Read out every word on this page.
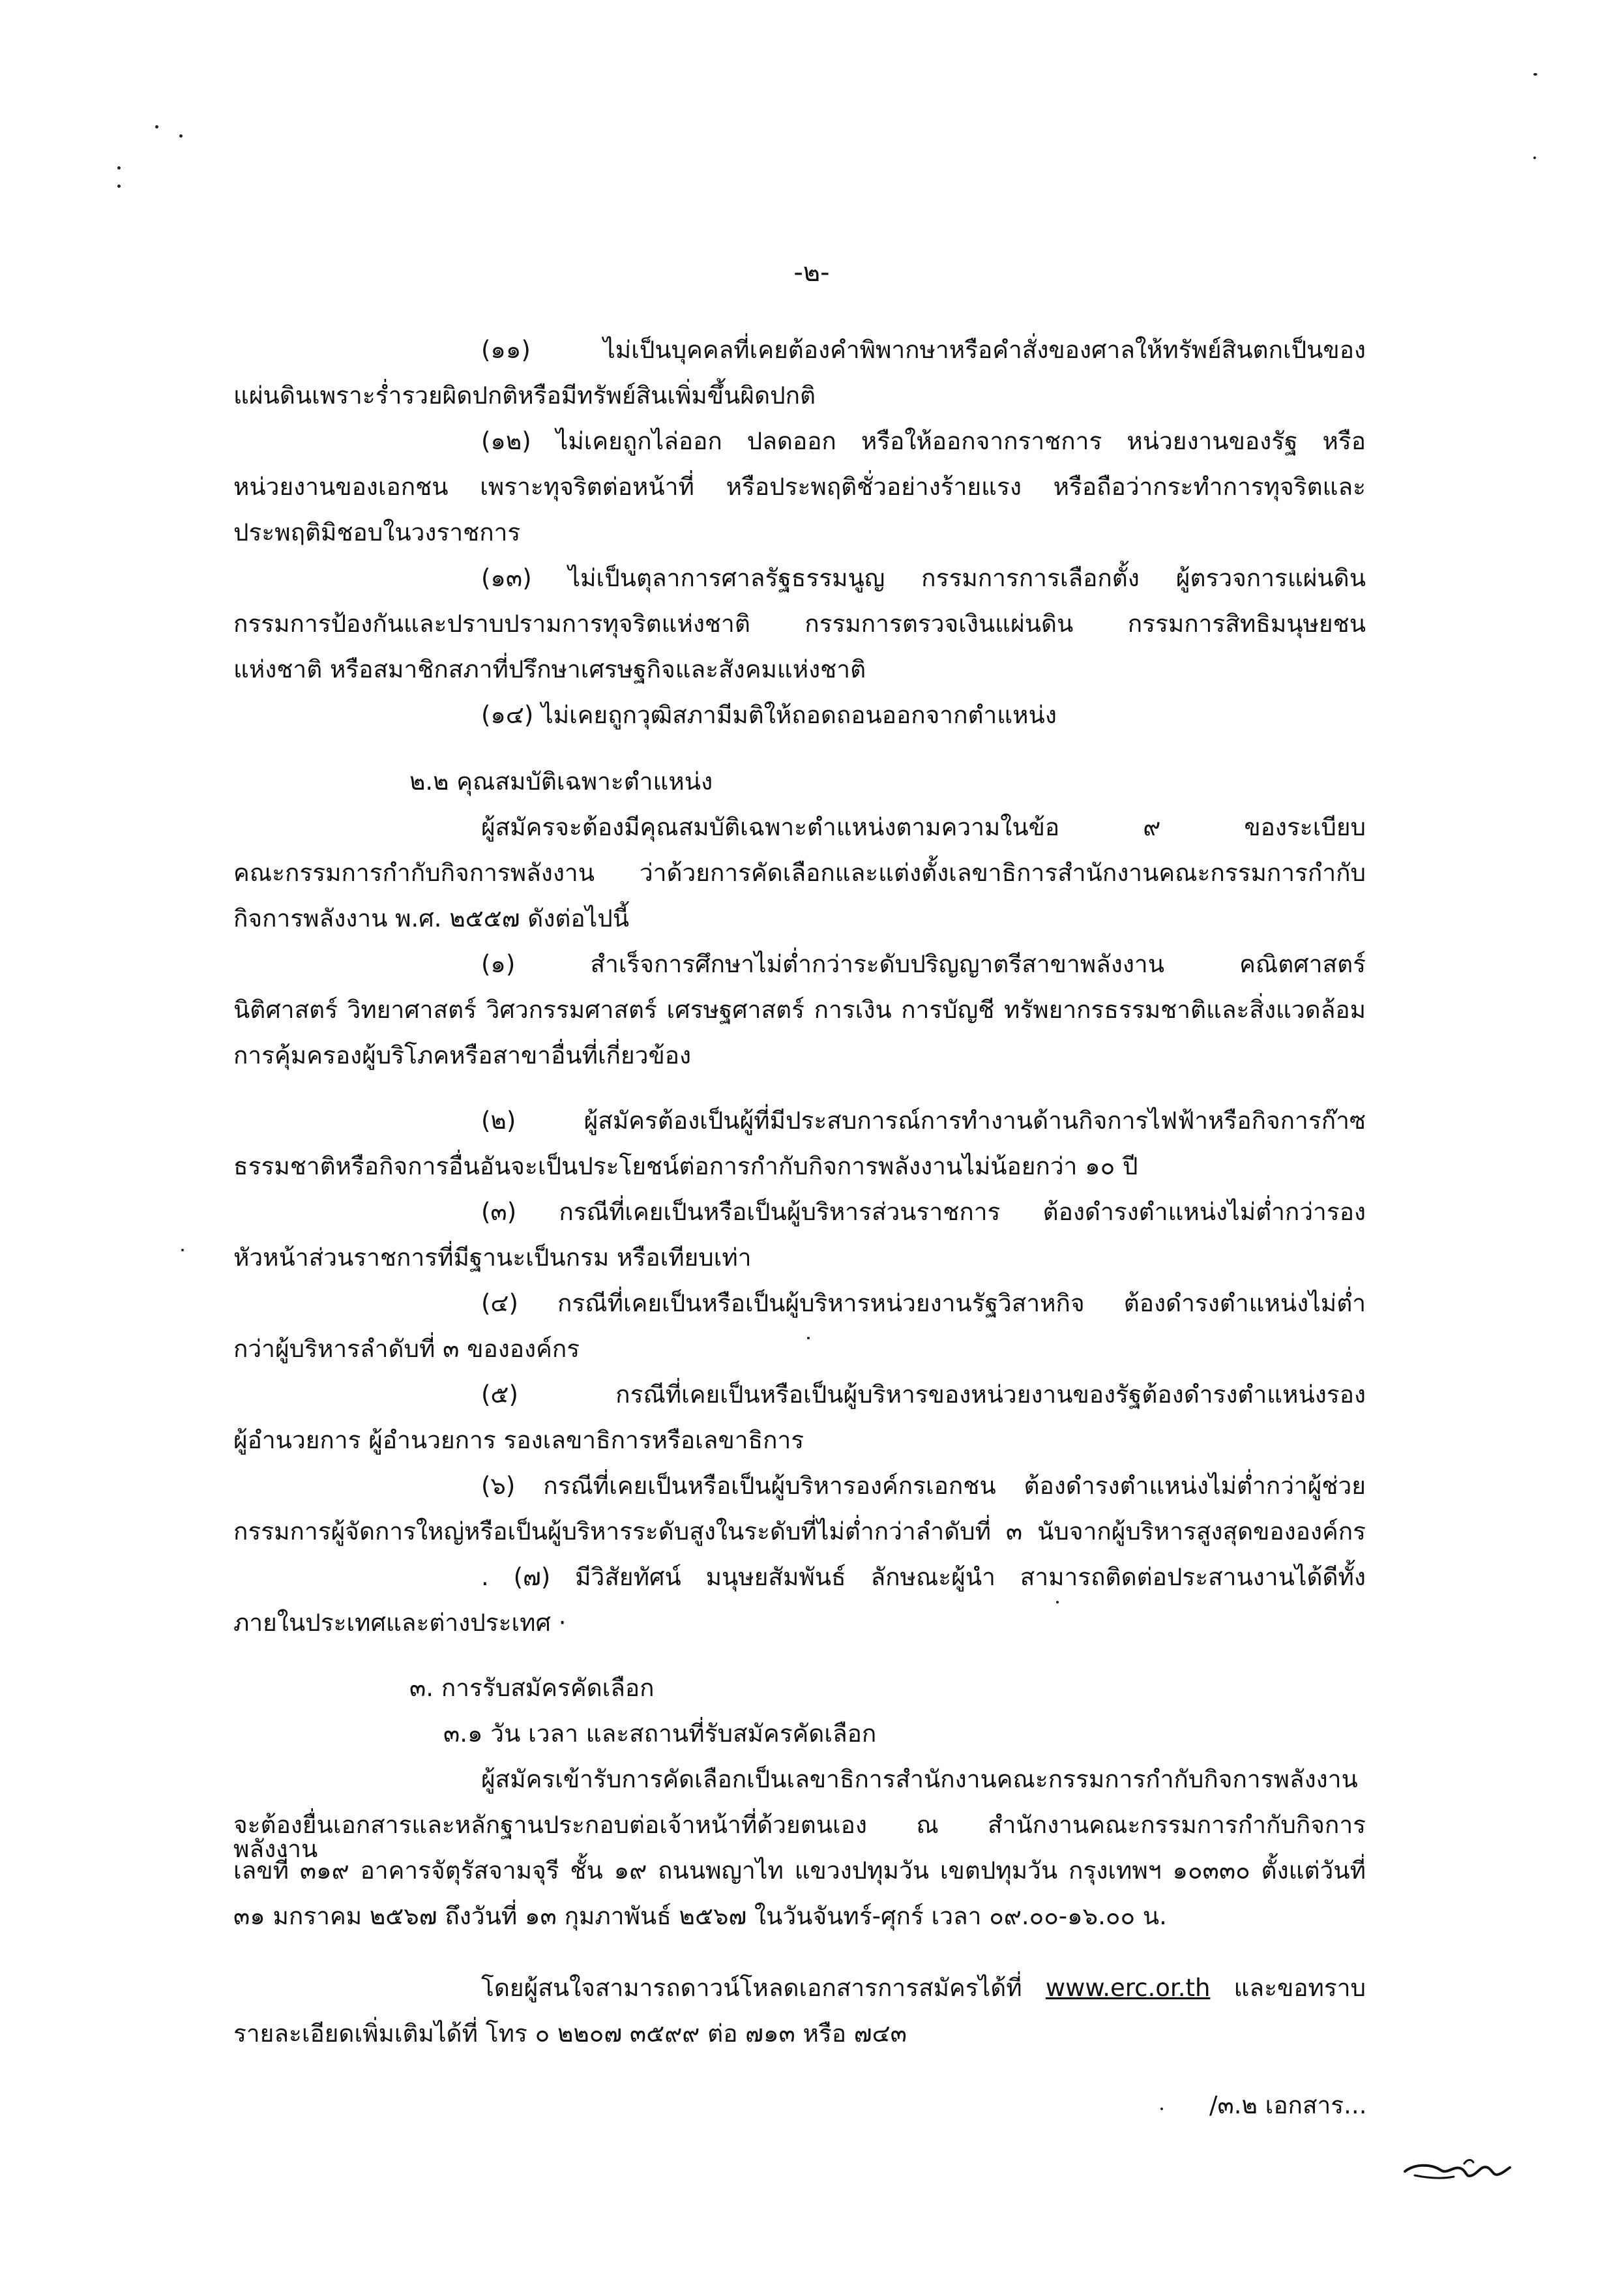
-๒-
(๑๑) ไม่เป็นบุคคลที่เคยต้องคำพิพากษาหรือคำสั่งของศาลให้ทรัพย์สินตกเป็นของ
แผ่นดินเพราะร่ำรวยผิดปกติหรือมีทรัพย์สินเพิ่มขึ้นผิดปกติ
(๑๒) ไม่เคยถูกไล่ออก ปลดออก หรือให้ออกจากราชการ หน่วยงานของรัฐ หรือ
หน่วยงานของเอกชน เพราะทุจริตต่อหน้าที่ หรือประพฤติชั่วอย่างร้ายแรง หรือถือว่ากระทำการทุจริตและ
ประพฤติมิชอบในวงราชการ
(๑๓) ไม่เป็นตุลาการศาลรัฐธรรมนูญ กรรมการการเลือกตั้ง ผู้ตรวจการแผ่นดิน
กรรมการป้องกันและปราบปรามการทุจริตแห่งชาติ กรรมการตรวจเงินแผ่นดิน กรรมการสิทธิมนุษยชน
แห่งชาติ หรือสมาชิกสภาที่ปรึกษาเศรษฐกิจและสังคมแห่งชาติ
(๑๔) ไม่เคยถูกวุฒิสภามีมติให้ถอดถอนออกจากตำแหน่ง
๒.๒ คุณสมบัติเฉพาะตำแหน่ง
ผู้สมัครจะต้องมีคุณสมบัติเฉพาะตำแหน่งตามความในข้อ ๙ ของระเบียบ
คณะกรรมการกำกับกิจการพลังงาน ว่าด้วยการคัดเลือกและแต่งตั้งเลขาธิการสำนักงานคณะกรรมการกำกับ
กิจการพลังงาน พ.ศ. ๒๕๕๗ ดังต่อไปนี้
(๑) สำเร็จการศึกษาไม่ต่ำกว่าระดับปริญญาตรีสาขาพลังงาน คณิตศาสตร์
นิติศาสตร์ วิทยาศาสตร์ วิศวกรรมศาสตร์ เศรษฐศาสตร์ การเงิน การบัญชี ทรัพยากรธรรมชาติและสิ่งแวดล้อม
การคุ้มครองผู้บริโภคหรือสาขาอื่นที่เกี่ยวข้อง
(๒) ผู้สมัครต้องเป็นผู้ที่มีประสบการณ์การทำงานด้านกิจการไฟฟ้าหรือกิจการก๊าซ
ธรรมชาติหรือกิจการอื่นอันจะเป็นประโยชน์ต่อการกำกับกิจการพลังงานไม่น้อยกว่า ๑๐ ปี
(๓) กรณีที่เคยเป็นหรือเป็นผู้บริหารส่วนราชการ ต้องดำรงตำแหน่งไม่ต่ำกว่ารอง
หัวหน้าส่วนราชการที่มีฐานะเป็นกรม หรือเทียบเท่า
(๔) กรณีที่เคยเป็นหรือเป็นผู้บริหารหน่วยงานรัฐวิสาหกิจ ต้องดำรงตำแหน่งไม่ต่ำ
กว่าผู้บริหารลำดับที่ ๓ ขององค์กร
(๕) กรณีที่เคยเป็นหรือเป็นผู้บริหารของหน่วยงานของรัฐต้องดำรงตำแหน่งรอง
ผู้อำนวยการ ผู้อำนวยการ รองเลขาธิการหรือเลขาธิการ
(๖) กรณีที่เคยเป็นหรือเป็นผู้บริหารองค์กรเอกชน ต้องดำรงตำแหน่งไม่ต่ำกว่าผู้ช่วย
กรรมการผู้จัดการใหญ่หรือเป็นผู้บริหารระดับสูงในระดับที่ไม่ต่ำกว่าลำดับที่ ๓ นับจากผู้บริหารสูงสุดขององค์กร
. (๗) มีวิสัยทัศน์ มนุษยสัมพันธ์ ลักษณะผู้นำ สามารถติดต่อประสานงานได้ดีทั้ง
ภายในประเทศและต่างประเทศ ·
๓. การรับสมัครคัดเลือก
๓.๑ วัน เวลา และสถานที่รับสมัครคัดเลือก
ผู้สมัครเข้ารับการคัดเลือกเป็นเลขาธิการสำนักงานคณะกรรมการกำกับกิจการพลังงาน
จะต้องยื่นเอกสารและหลักฐานประกอบต่อเจ้าหน้าที่ด้วยตนเอง ณ สำนักงานคณะกรรมการกำกับกิจการพลังงาน
เลขที่ ๓๑๙ อาคารจัตุรัสจามจุรี ชั้น ๑๙ ถนนพญาไท แขวงปทุมวัน เขตปทุมวัน กรุงเทพฯ ๑๐๓๓๐ ตั้งแต่วันที่
๓๑ มกราคม ๒๕๖๗ ถึงวันที่ ๑๓ กุมภาพันธ์ ๒๕๖๗ ในวันจันทร์-ศุกร์ เวลา ๐๙.๐๐-๑๖.๐๐ น.
โดยผู้สนใจสามารถดาวน์โหลดเอกสารการสมัครได้ที่ www.erc.or.th และขอทราบ
รายละเอียดเพิ่มเติมได้ที่ โทร ๐ ๒๒๐๗ ๓๕๙๙ ต่อ ๗๑๓ หรือ ๗๔๓
/๓.๒ เอกสาร...
